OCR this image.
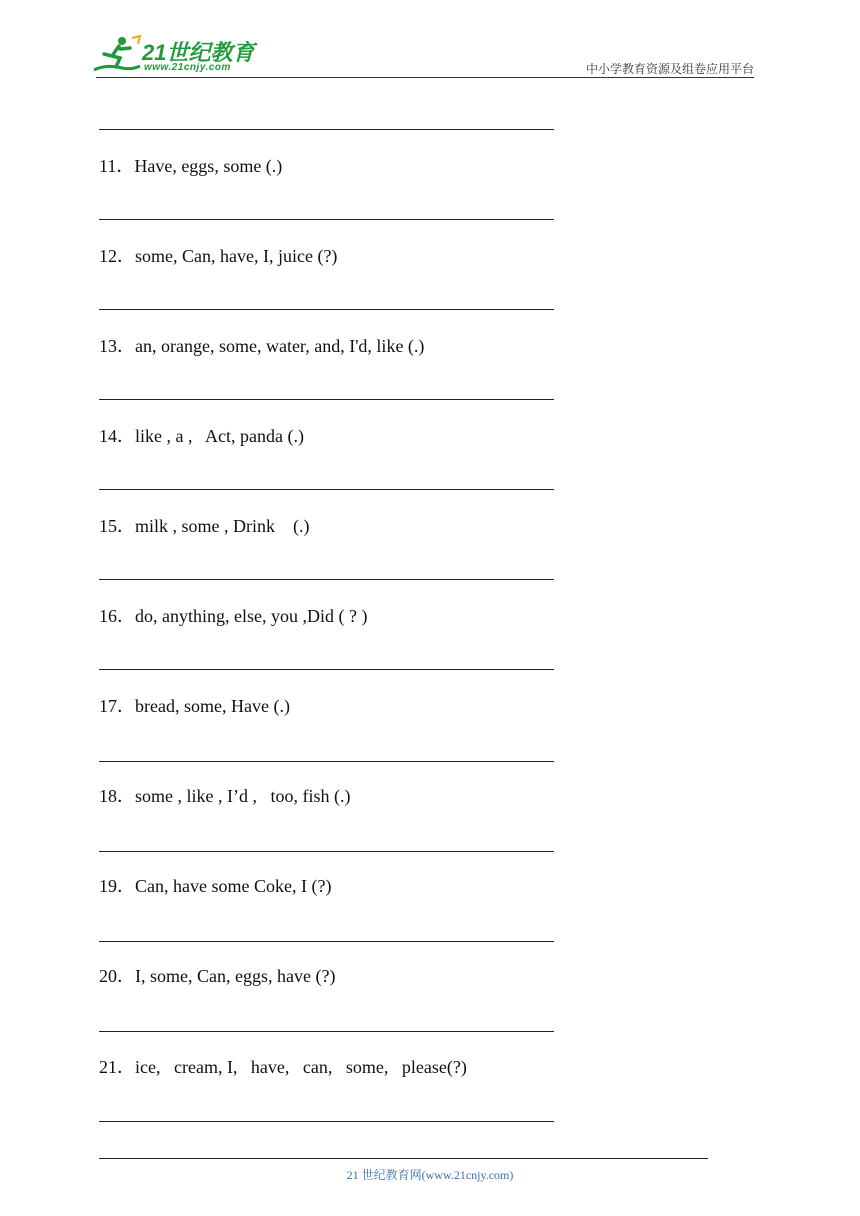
21世纪教育
www.21cnjy.com	中小学教育资源及组卷应用平台
11．Have, eggs, some (.)
12．some, Can, have, I, juice (?)
13．an, orange, some, water, and, I'd, like (.)
14．like , a ,   Act, panda (.)
15．milk , some , Drink    (.)
16．do, anything, else, you ,Did ( ? )
17．bread, some, Have (.)
18．some , like , I’d ,   too, fish (.)
19．Can, have some Coke, I (?)
20．I, some, Can, eggs, have (?)
21．ice,   cream, I,   have,   can,   some,   please(?)
21 世纪教育网(www.21cnjy.com)
